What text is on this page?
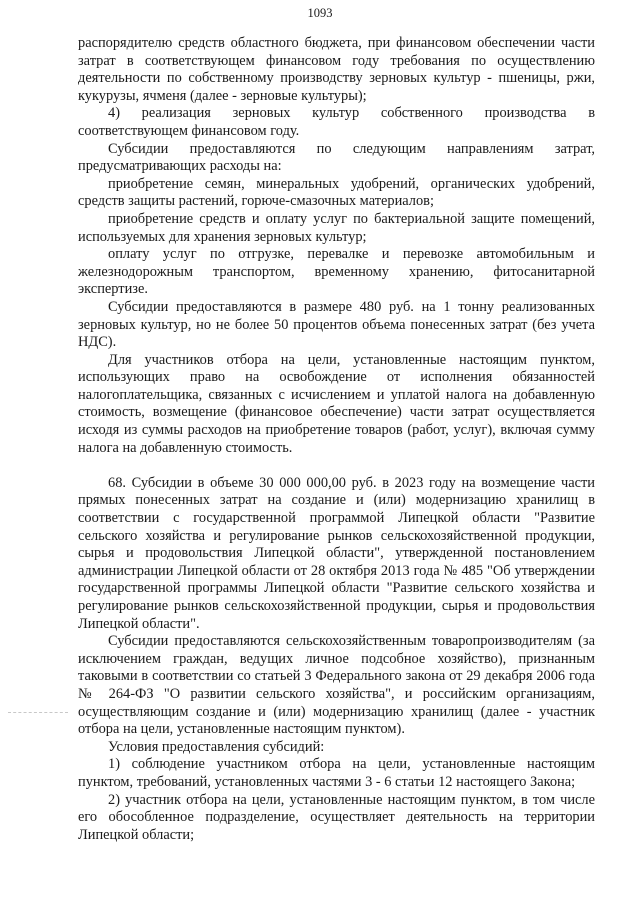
1093

распорядителю средств областного бюджета, при финансовом обеспечении части затрат в соответствующем финансовом году требования по осуществлению деятельности по собственному производству зерновых культур - пшеницы, ржи, кукурузы, ячменя (далее - зерновые культуры);

4) реализация зерновых культур собственного производства в соответствующем финансовом году.

Субсидии предоставляются по следующим направлениям затрат, предусматривающих расходы на:

приобретение семян, минеральных удобрений, органических удобрений, средств защиты растений, горюче-смазочных материалов;

приобретение средств и оплату услуг по бактериальной защите помещений, используемых для хранения зерновых культур;

оплату услуг по отгрузке, перевалке и перевозке автомобильным и железнодорожным транспортом, временному хранению, фитосанитарной экспертизе.

Субсидии предоставляются в размере 480 руб. на 1 тонну реализованных зерновых культур, но не более 50 процентов объема понесенных затрат (без учета НДС).

Для участников отбора на цели, установленные настоящим пунктом, использующих право на освобождение от исполнения обязанностей налогоплательщика, связанных с исчислением и уплатой налога на добавленную стоимость, возмещение (финансовое обеспечение) части затрат осуществляется исходя из суммы расходов на приобретение товаров (работ, услуг), включая сумму налога на добавленную стоимость.

68. Субсидии в объеме 30 000 000,00 руб. в 2023 году на возмещение части прямых понесенных затрат на создание и (или) модернизацию хранилищ в соответствии с государственной программой Липецкой области "Развитие сельского хозяйства и регулирование рынков сельскохозяйственной продукции, сырья и продовольствия Липецкой области", утвержденной постановлением администрации Липецкой области от 28 октября 2013 года № 485 "Об утверждении государственной программы Липецкой области "Развитие сельского хозяйства и регулирование рынков сельскохозяйственной продукции, сырья и продовольствия Липецкой области".

Субсидии предоставляются сельскохозяйственным товаропроизводителям (за исключением граждан, ведущих личное подсобное хозяйство), признанным таковыми в соответствии со статьей 3 Федерального закона от 29 декабря 2006 года № 264-ФЗ "О развитии сельского хозяйства", и российским организациям, осуществляющим создание и (или) модернизацию хранилищ (далее - участник отбора на цели, установленные настоящим пунктом).

Условия предоставления субсидий:

1) соблюдение участником отбора на цели, установленные настоящим пунктом, требований, установленных частями 3 - 6 статьи 12 настоящего Закона;

2) участник отбора на цели, установленные настоящим пунктом, в том числе его обособленное подразделение, осуществляет деятельность на территории Липецкой области;
